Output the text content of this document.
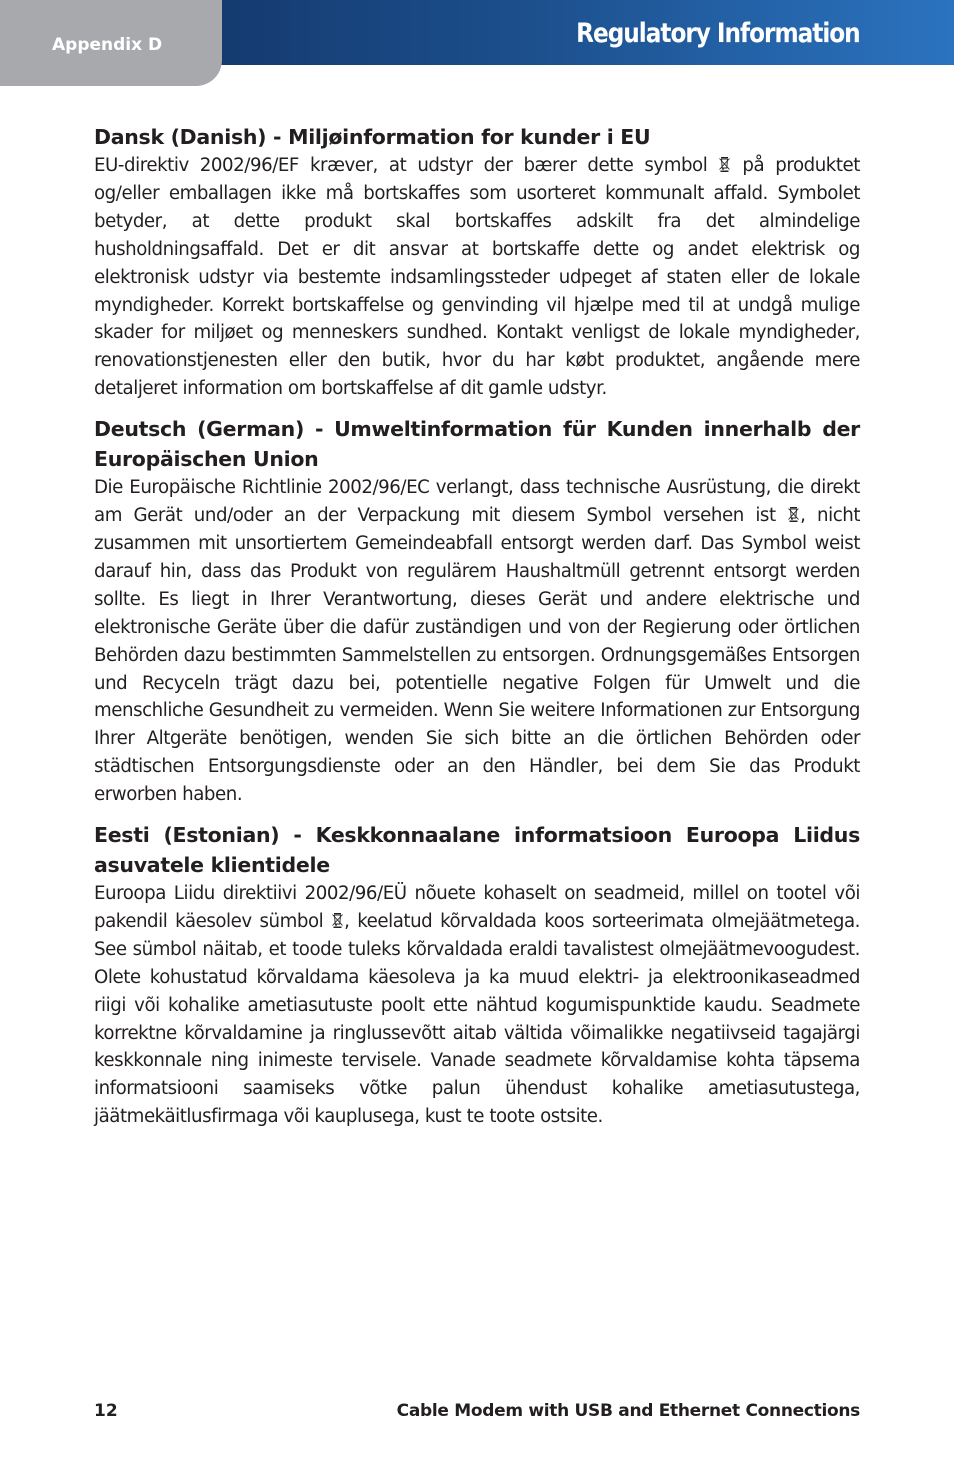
Appendix D	Regulatory Information
Dansk (Danish) - Miljøinformation for kunder i EU

EU-direktiv 2002/96/EF kræver, at udstyr der bærer dette symbol  på produktet og/eller emballagen ikke må bortskaffes som usorteret kommunalt affald. Symbolet betyder, at dette produkt skal bortskaffes adskilt fra det almindelige husholdningsaffald. Det er dit ansvar at bortskaffe dette og andet elektrisk og elektronisk udstyr via bestemte indsamlingssteder udpeget af staten eller de lokale myndigheder. Korrekt bortskaffelse og genvinding vil hjælpe med til at undgå mulige skader for miljøet og menneskers sundhed. Kontakt venligst de lokale myndigheder, renovationstjenesten eller den butik, hvor du har købt produktet, angående mere detaljeret information om bortskaffelse af dit gamle udstyr.

Deutsch (German) - Umweltinformation für Kunden innerhalb der Europäischen Union

Die Europäische Richtlinie 2002/96/EC verlangt, dass technische Ausrüstung, die direkt am Gerät und/oder an der Verpackung mit diesem Symbol versehen ist , nicht zusammen mit unsortiertem Gemeindeabfall entsorgt werden darf. Das Symbol weist darauf hin, dass das Produkt von regulärem Haushaltmüll getrennt entsorgt werden sollte. Es liegt in Ihrer Verantwortung, dieses Gerät und andere elektrische und elektronische Geräte über die dafür zuständigen und von der Regierung oder örtlichen Behörden dazu bestimmten Sammelstellen zu entsorgen. Ordnungsgemäßes Entsorgen und Recyceln trägt dazu bei, potentielle negative Folgen für Umwelt und die menschliche Gesundheit zu vermeiden. Wenn Sie weitere Informationen zur Entsorgung Ihrer Altgeräte benötigen, wenden Sie sich bitte an die örtlichen Behörden oder städtischen Entsorgungsdienste oder an den Händler, bei dem Sie das Produkt erworben haben.

Eesti (Estonian) - Keskkonnaalane informatsioon Euroopa Liidus asuvatele klientidele

Euroopa Liidu direktiivi 2002/96/EÜ nõuete kohaselt on seadmeid, millel on tootel või pakendil käesolev sümbol , keelatud kõrvaldada koos sorteerimata olmejäätmetega. See sümbol näitab, et toode tuleks kõrvaldada eraldi tavalistest olmejäätmevoogudest. Olete kohustatud kõrvaldama käesoleva ja ka muud elektri- ja elektroonikaseadmed riigi või kohalike ametiasutuste poolt ette nähtud kogumispunktide kaudu. Seadmete korrektne kõrvaldamine ja ringlussevõtt aitab vältida võimalikke negatiivseid tagajärgi keskkonnale ning inimeste tervisele. Vanade seadmete kõrvaldamise kohta täpsema informatsiooni saamiseks võtke palun ühendust kohalike ametiasutustega, jäätmekäitlusfirmaga või kauplusega, kust te toote ostsite.

12	Cable Modem with USB and Ethernet Connections
